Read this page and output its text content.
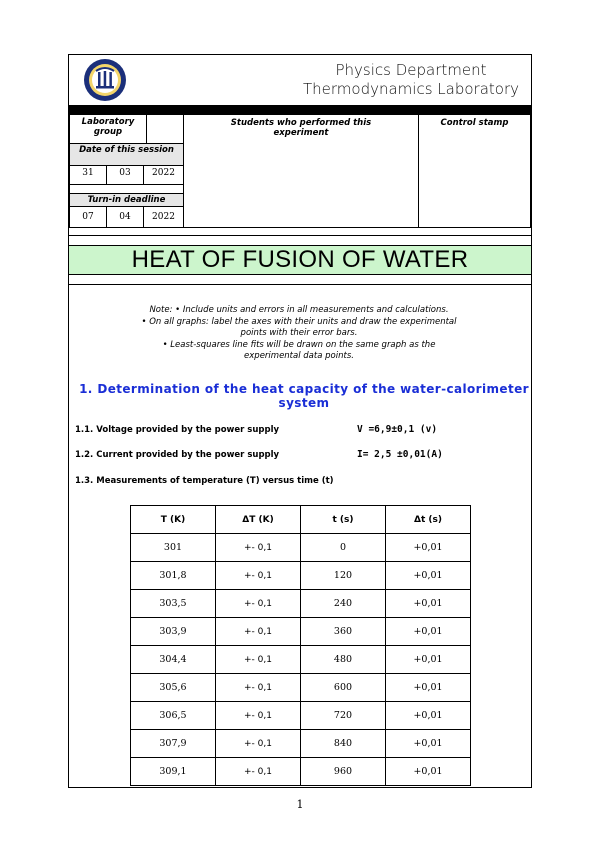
Physics Department
Thermodynamics Laboratory
Laboratory group
Date of this session
31	03	2022
Turn-in deadline
07	04	2022
Students who performed this experiment
Control stamp
HEAT OF FUSION OF WATER
Note: • Include units and errors in all measurements and calculations.
• On all graphs: label the axes with their units and draw the experimental
points with their error bars.
• Least-squares line fits will be drawn on the same graph as the
experimental data points.
1. Determination of the heat capacity of the water-calorimeter
system
1.1. Voltage provided by the power supply	V =6,9±0,1 (v)
1.2. Current provided by the power supply	I= 2,5 ±0,01(A)
1.3. Measurements of temperature (T) versus time (t)
T (K)	ΔT (K)	t (s)	Δt (s)
301	+- 0,1	0	+0,01
301,8	+- 0,1	120	+0,01
303,5	+- 0,1	240	+0,01
303,9	+- 0,1	360	+0,01
304,4	+- 0,1	480	+0,01
305,6	+- 0,1	600	+0,01
306,5	+- 0,1	720	+0,01
307,9	+- 0,1	840	+0,01
309,1	+- 0,1	960	+0,01
1
